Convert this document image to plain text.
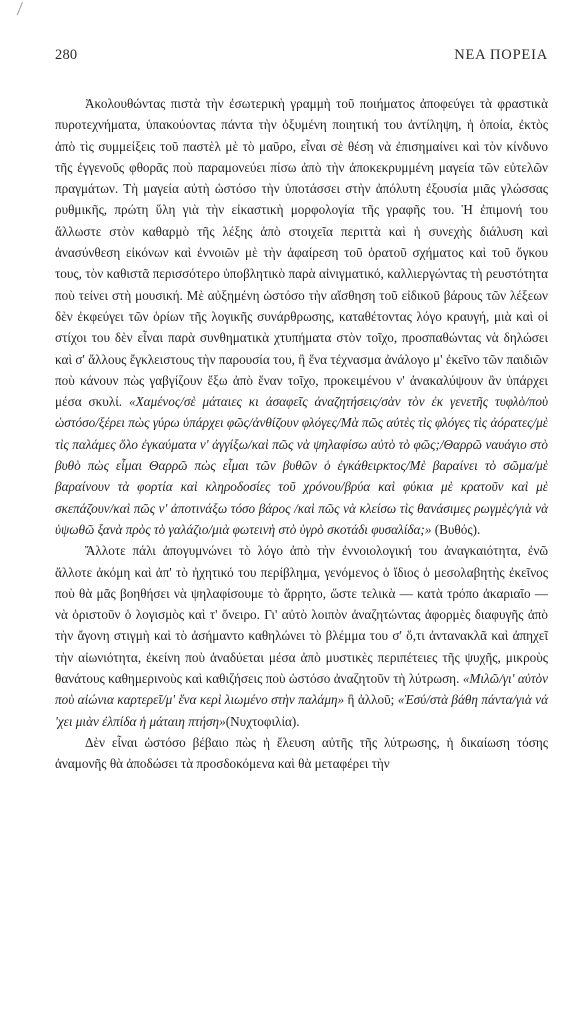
280	ΝΕΑ ΠΟΡΕΙΑ

Ἀκολουθώντας πιστὰ τὴν ἐσωτερικὴ γραμμὴ τοῦ ποιήματος ἀποφεύγει τὰ φραστικὰ πυροτεχνήματα, ὑπακούοντας πάντα τὴν ὀξυμένη ποιητική του ἀντίληψη, ἡ ὁποία, ἐκτὸς ἀπὸ τὶς συμμείξεις τοῦ παστὲλ μὲ τὸ μαῦρο, εἶναι σὲ θέση νὰ ἐπισημαίνει καὶ τὸν κίνδυνο τῆς ἐγγενοῦς φθορᾶς ποὺ παραμονεύει πίσω ἀπὸ τὴν ἀποκεκρυμμένη μαγεία τῶν εὐτελῶν πραγμάτων. Τὴ μαγεία αὐτὴ ὡστόσο τὴν ὑποτάσσει στὴν ἀπόλυτη ἐξουσία μιᾶς γλώσσας ρυθμικῆς, πρώτη ὕλη γιὰ τὴν εἰκαστικὴ μορφολογία τῆς γραφῆς του. Ἡ ἐπιμονή του ἄλλωστε στὸν καθαρμὸ τῆς λέξης ἀπὸ στοιχεῖα περιττὰ καὶ ἡ συνεχὴς διάλυση καὶ ἀνασύνθεση εἰκόνων καὶ ἐννοιῶν μὲ τὴν ἀφαίρεση τοῦ ὁρατοῦ σχήματος καὶ τοῦ ὄγκου τους, τὸν καθιστᾶ περισσότερο ὑποβλητικὸ παρὰ αἰνιγματικό, καλλιεργώντας τὴ ρευστότητα ποὺ τείνει στὴ μουσική. Μὲ αὐξημένη ὡστόσο τὴν αἴσθηση τοῦ εἰδικοῦ βάρους τῶν λέξεων δὲν ἐκφεύγει τῶν ὁρίων τῆς λογικῆς συνάρθρωσης, καταθέτοντας λόγο κραυγή, μιὰ καὶ οἱ στίχοι του δὲν εἶναι παρὰ συνθηματικὰ χτυπήματα στὸν τοῖχο, προσπαθώντας νὰ δηλώσει καὶ σ' ἄλλους ἔγκλειστους τὴν παρουσία του, ἢ ἕνα τέχνασμα ἀνάλογο μ' ἐκεῖνο τῶν παιδιῶν ποὺ κάνουν πὼς γαβγίζουν ἔξω ἀπὸ ἕναν τοῖχο, προκειμένου ν' ἀνακαλύψουν ἂν ὑπάρχει μέσα σκυλί. «Χαμένος/σὲ μάταιες κι ἀσαφεῖς ἀναζητήσεις/σὰν τὸν ἐκ γενετῆς τυφλὸ/ποὺ ὡστόσο/ξέρει πὼς γύρω ὑπάρχει φῶς/ἀνθίζουν φλόγες/Μὰ πῶς αὐτὲς τὶς φλόγες τὶς ἀόρατες/μὲ τὶς παλάμες ὅλο ἐγκαύματα ν' ἀγγίξω/καὶ πῶς νὰ ψηλαφίσω αὐτὸ τὸ φῶς;/Θαρρῶ ναυάγιο στὸ βυθὸ πὼς εἶμαι Θαρρῶ πὼς εἶμαι τῶν βυθῶν ὁ ἐγκάθειρκτος/Μὲ βαραίνει τὸ σῶμα/μὲ βαραίνουν τὰ φορτία καὶ κληροδοσίες τοῦ χρόνου/βρύα καὶ φύκια μὲ κρατοῦν καὶ μὲ σκεπάζουν/καὶ πῶς ν' ἀποτινάξω τόσο βάρος /καὶ πῶς νὰ κλείσω τὶς θανάσιμες ρωγμὲς/γιὰ νὰ ὑψωθῶ ξανὰ πρὸς τὸ γαλάζιο/μιὰ φωτεινὴ στὸ ὑγρὸ σκοτάδι φυσαλίδα;» (Βυθός).

Ἄλλοτε πάλι ἀπογυμνώνει τὸ λόγο ἀπὸ τὴν ἐννοιολογική του ἀναγκαιότητα, ἐνῶ ἄλλοτε ἀκόμη καὶ ἀπ' τὸ ἠχητικό του περίβλημα, γενόμενος ὁ ἴδιος ὁ μεσολαβητὴς ἐκεῖνος ποὺ θὰ μᾶς βοηθήσει νὰ ψηλαφίσουμε τὸ ἄρρητο, ὥστε τελικὰ — κατὰ τρόπο ἀκαριαῖο — νὰ ὁριστοῦν ὁ λογισμὸς καὶ τ' ὄνειρο. Γι' αὐτὸ λοιπὸν ἀναζητώντας ἀφορμὲς διαφυγῆς ἀπὸ τὴν ἄγονη στιγμὴ καὶ τὸ ἀσήμαντο καθηλώνει τὸ βλέμμα του σ' ὅ,τι ἀντανακλᾶ καὶ ἀπηχεῖ τὴν αἰωνιότητα, ἐκείνη ποὺ ἀναδύεται μέσα ἀπὸ μυστικὲς περιπέτειες τῆς ψυχῆς, μικροὺς θανάτους καθημερινοὺς καὶ καθιζήσεις ποὺ ὡστόσο ἀναζητοῦν τὴ λύτρωση. «Μιλῶ/γι' αὐτὸν ποὺ αἰώνια καρτερεῖ/μ' ἕνα κερὶ λιωμένο στὴν παλάμη» ἢ ἀλλοῦ; «Ἐσύ/στὰ βάθη πάντα/γιὰ νά 'χει μιὰν ἐλπίδα ἡ μάταιη πτήση»(Νυχτοφιλία).

Δὲν εἶναι ὡστόσο βέβαιο πὼς ἡ ἔλευση αὐτῆς τῆς λύτρωσης, ἡ δικαίωση τόσης ἀναμονῆς θὰ ἀποδώσει τὰ προσδοκόμενα καὶ θὰ μεταφέρει τὴν
